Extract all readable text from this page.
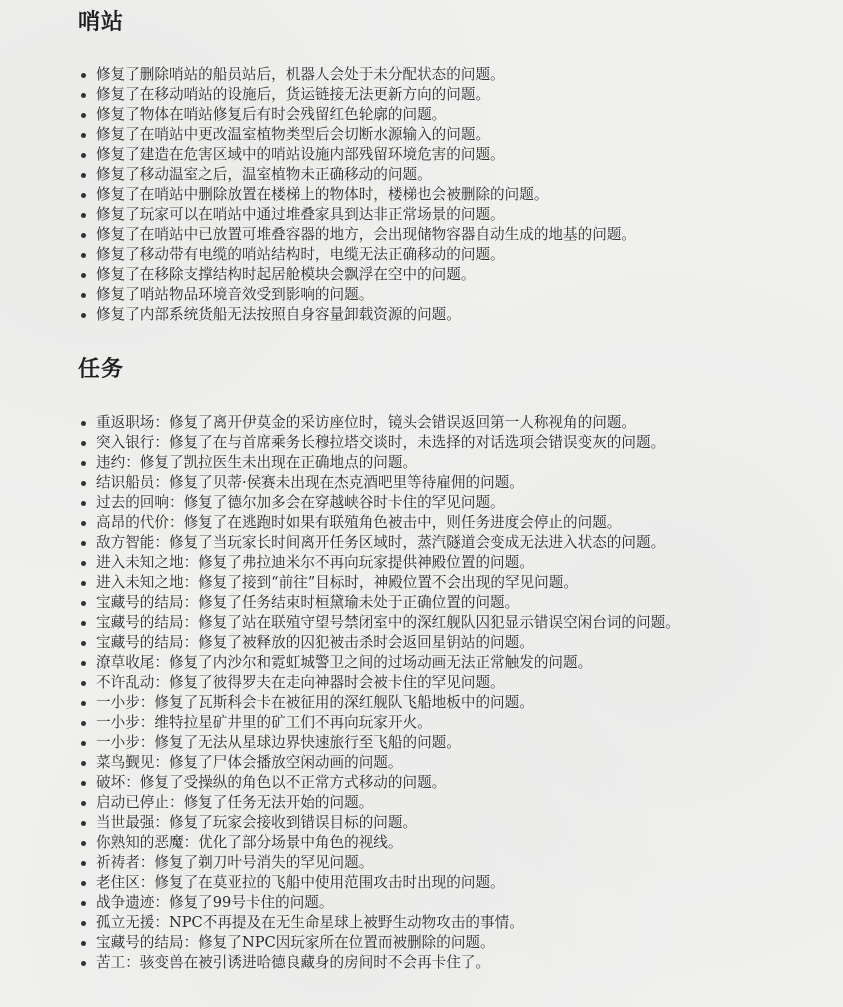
哨站
修复了删除哨站的船员站后，机器人会处于未分配状态的问题。
修复了在移动哨站的设施后，货运链接无法更新方向的问题。
修复了物体在哨站修复后有时会残留红色轮廓的问题。
修复了在哨站中更改温室植物类型后会切断水源输入的问题。
修复了建造在危害区域中的哨站设施内部残留环境危害的问题。
修复了移动温室之后，温室植物未正确移动的问题。
修复了在哨站中删除放置在楼梯上的物体时，楼梯也会被删除的问题。
修复了玩家可以在哨站中通过堆叠家具到达非正常场景的问题。
修复了在哨站中已放置可堆叠容器的地方，会出现储物容器自动生成的地基的问题。
修复了移动带有电缆的哨站结构时，电缆无法正确移动的问题。
修复了在移除支撑结构时起居舱模块会飘浮在空中的问题。
修复了哨站物品环境音效受到影响的问题。
修复了内部系统货船无法按照自身容量卸载资源的问题。
任务
重返职场：修复了离开伊莫金的采访座位时，镜头会错误返回第一人称视角的问题。
突入银行：修复了在与首席乘务长穆拉塔交谈时，未选择的对话选项会错误变灰的问题。
违约：修复了凯拉医生未出现在正确地点的问题。
结识船员：修复了贝蒂·侯赛未出现在杰克酒吧里等待雇佣的问题。
过去的回响：修复了德尔加多会在穿越峡谷时卡住的罕见问题。
高昂的代价：修复了在逃跑时如果有联殖角色被击中，则任务进度会停止的问题。
敌方智能：修复了当玩家长时间离开任务区域时，蒸汽隧道会变成无法进入状态的问题。
进入未知之地：修复了弗拉迪米尔不再向玩家提供神殿位置的问题。
进入未知之地：修复了接到“前往”目标时，神殿位置不会出现的罕见问题。
宝藏号的结局：修复了任务结束时桓黛瑜未处于正确位置的问题。
宝藏号的结局：修复了站在联殖守望号禁闭室中的深红舰队囚犯显示错误空闲台词的问题。
宝藏号的结局：修复了被释放的囚犯被击杀时会返回星钥站的问题。
潦草收尾：修复了内沙尔和霓虹城警卫之间的过场动画无法正常触发的问题。
不许乱动：修复了彼得罗夫在走向神器时会被卡住的罕见问题。
一小步：修复了瓦斯科会卡在被征用的深红舰队飞船地板中的问题。
一小步：维特拉星矿井里的矿工们不再向玩家开火。
一小步：修复了无法从星球边界快速旅行至飞船的问题。
菜鸟觐见：修复了尸体会播放空闲动画的问题。
破坏：修复了受操纵的角色以不正常方式移动的问题。
启动已停止：修复了任务无法开始的问题。
当世最强：修复了玩家会接收到错误目标的问题。
你熟知的恶魔：优化了部分场景中角色的视线。
祈祷者：修复了剃刀叶号消失的罕见问题。
老住区：修复了在莫亚拉的飞船中使用范围攻击时出现的问题。
战争遗迹：修复了99号卡住的问题。
孤立无援：NPC不再提及在无生命星球上被野生动物攻击的事情。
宝藏号的结局：修复了NPC因玩家所在位置而被删除的问题。
苦工：骇变兽在被引诱进哈德良藏身的房间时不会再卡住了。
